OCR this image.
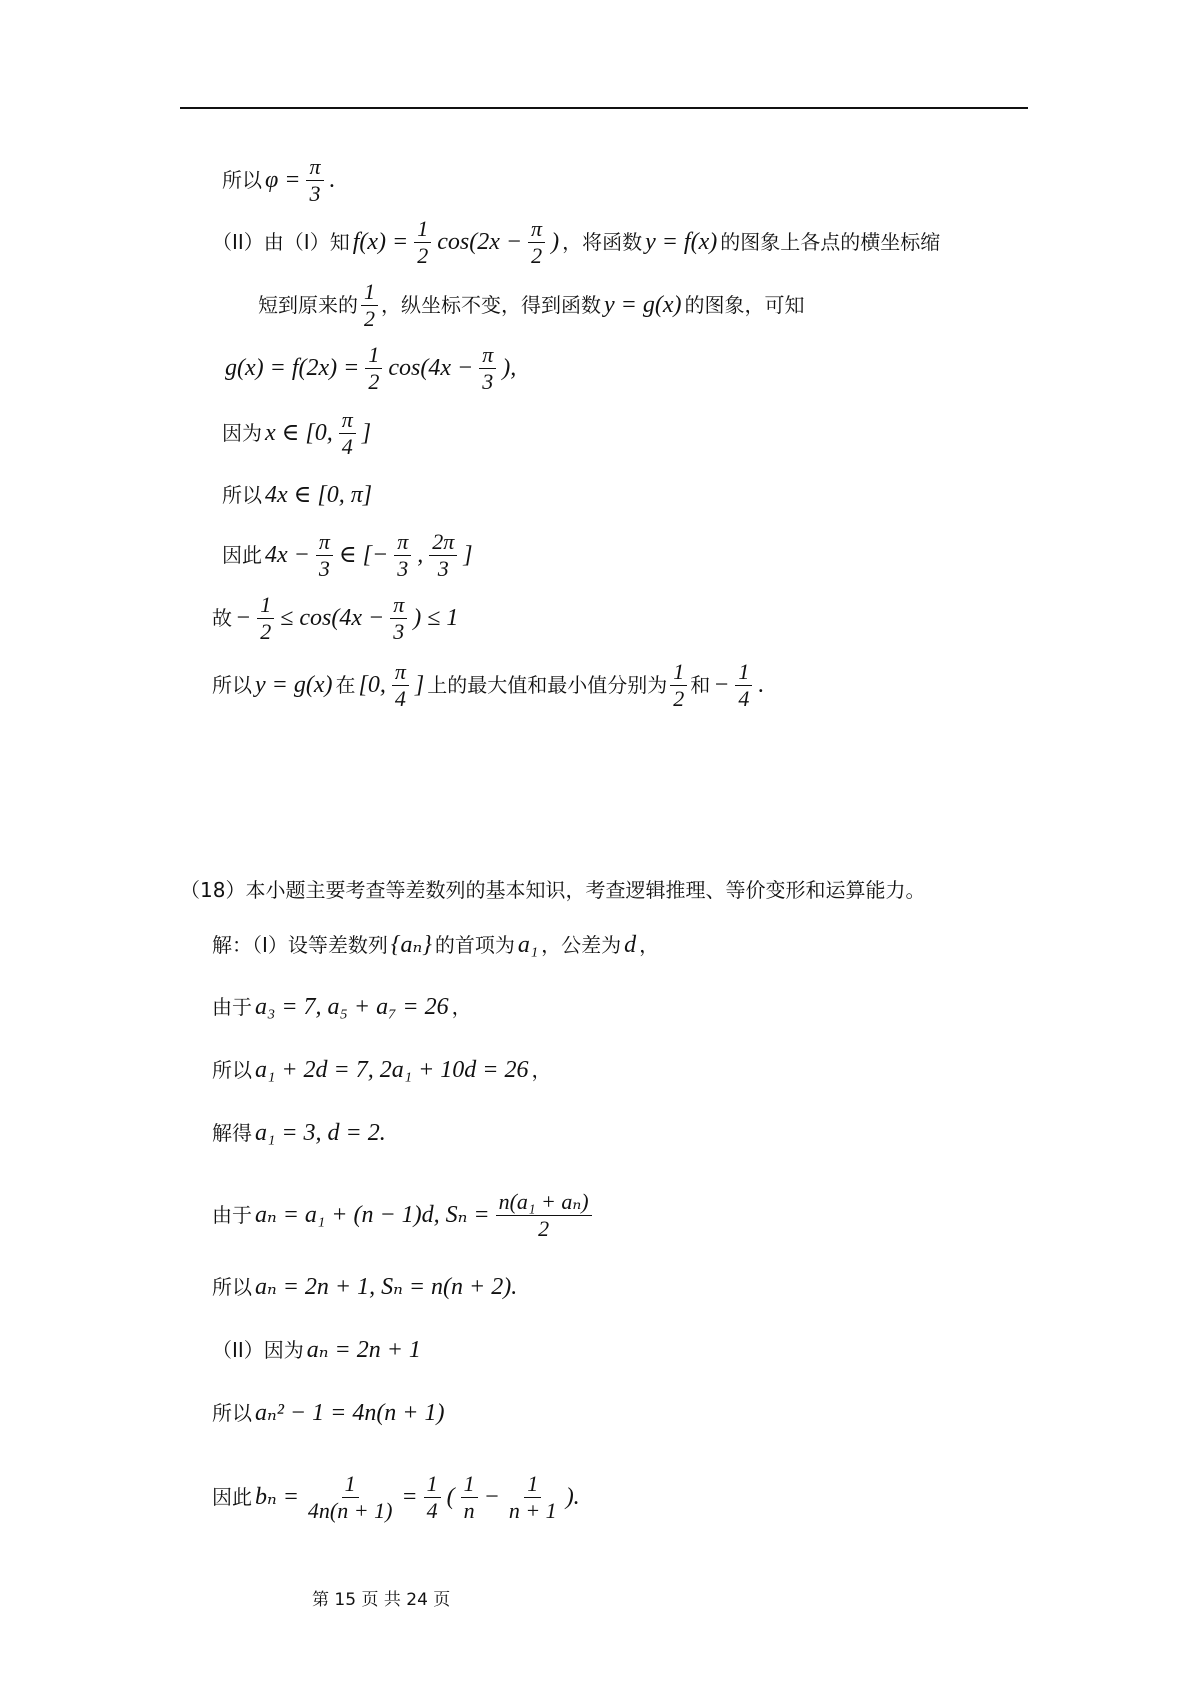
所以 $\varphi = \frac{\pi}{3}$ .
（II）由（I）知 $f(x) = \frac{1}{2} \cos(2x - \frac{\pi}{2}$ ) ，将函数 y = f(x) 的图象上各点的横坐标缩
短到原来的 $\frac{1}{2}$ ，纵坐标不变，得到函数 y = g(x) 的图象，可知
$g(x) = f(2x) = \frac{1}{2} \cos(4x - \frac{\pi}{3}$ ),
因为 x ∈ [0, $\frac{\pi}{4}$ ]
所以 4x ∈ [0, π]
因此 $4x - \frac{\pi}{3}$ ∈ [− $\frac{\pi}{3}$ , $\frac{2\pi}{3}$ ]
故 − $\frac{1}{2} \le \cos(4x - \frac{\pi}{3}$ ) ≤ 1
所以 y = g(x) 在 [0, $\frac{\pi}{4}$ ] 上的最大值和最小值分别为 $\frac{1}{2}$ 和 − $\frac{1}{4}$ .
（18）本小题主要考查等差数列的基本知识，考查逻辑推理、等价变形和运算能力。
解：（I）设等差数列 {aₙ} 的首项为 a₁ ，公差为 d ，
由于 a₃ = 7, a₅ + a₇ = 26 ，
所以 a₁ + 2d = 7, 2a₁ + 10d = 26 ，
解得 a₁ = 3, d = 2.
由于 aₙ = a₁ + (n − 1)d, $S_n = \frac{\text{n(a₁ + aₙ)}}{2}$
所以 aₙ = 2n + 1, Sₙ = n(n + 2).
（II）因为 aₙ = 2n + 1
所以 aₙ² − 1 = 4n(n + 1)
因此 $b_n = \frac{1}{4n(n + 1)} = \frac{1}{4}$ ( $\frac{1}{n} - \frac{1}{n + 1}$ ).
第 15 页 共 24 页
